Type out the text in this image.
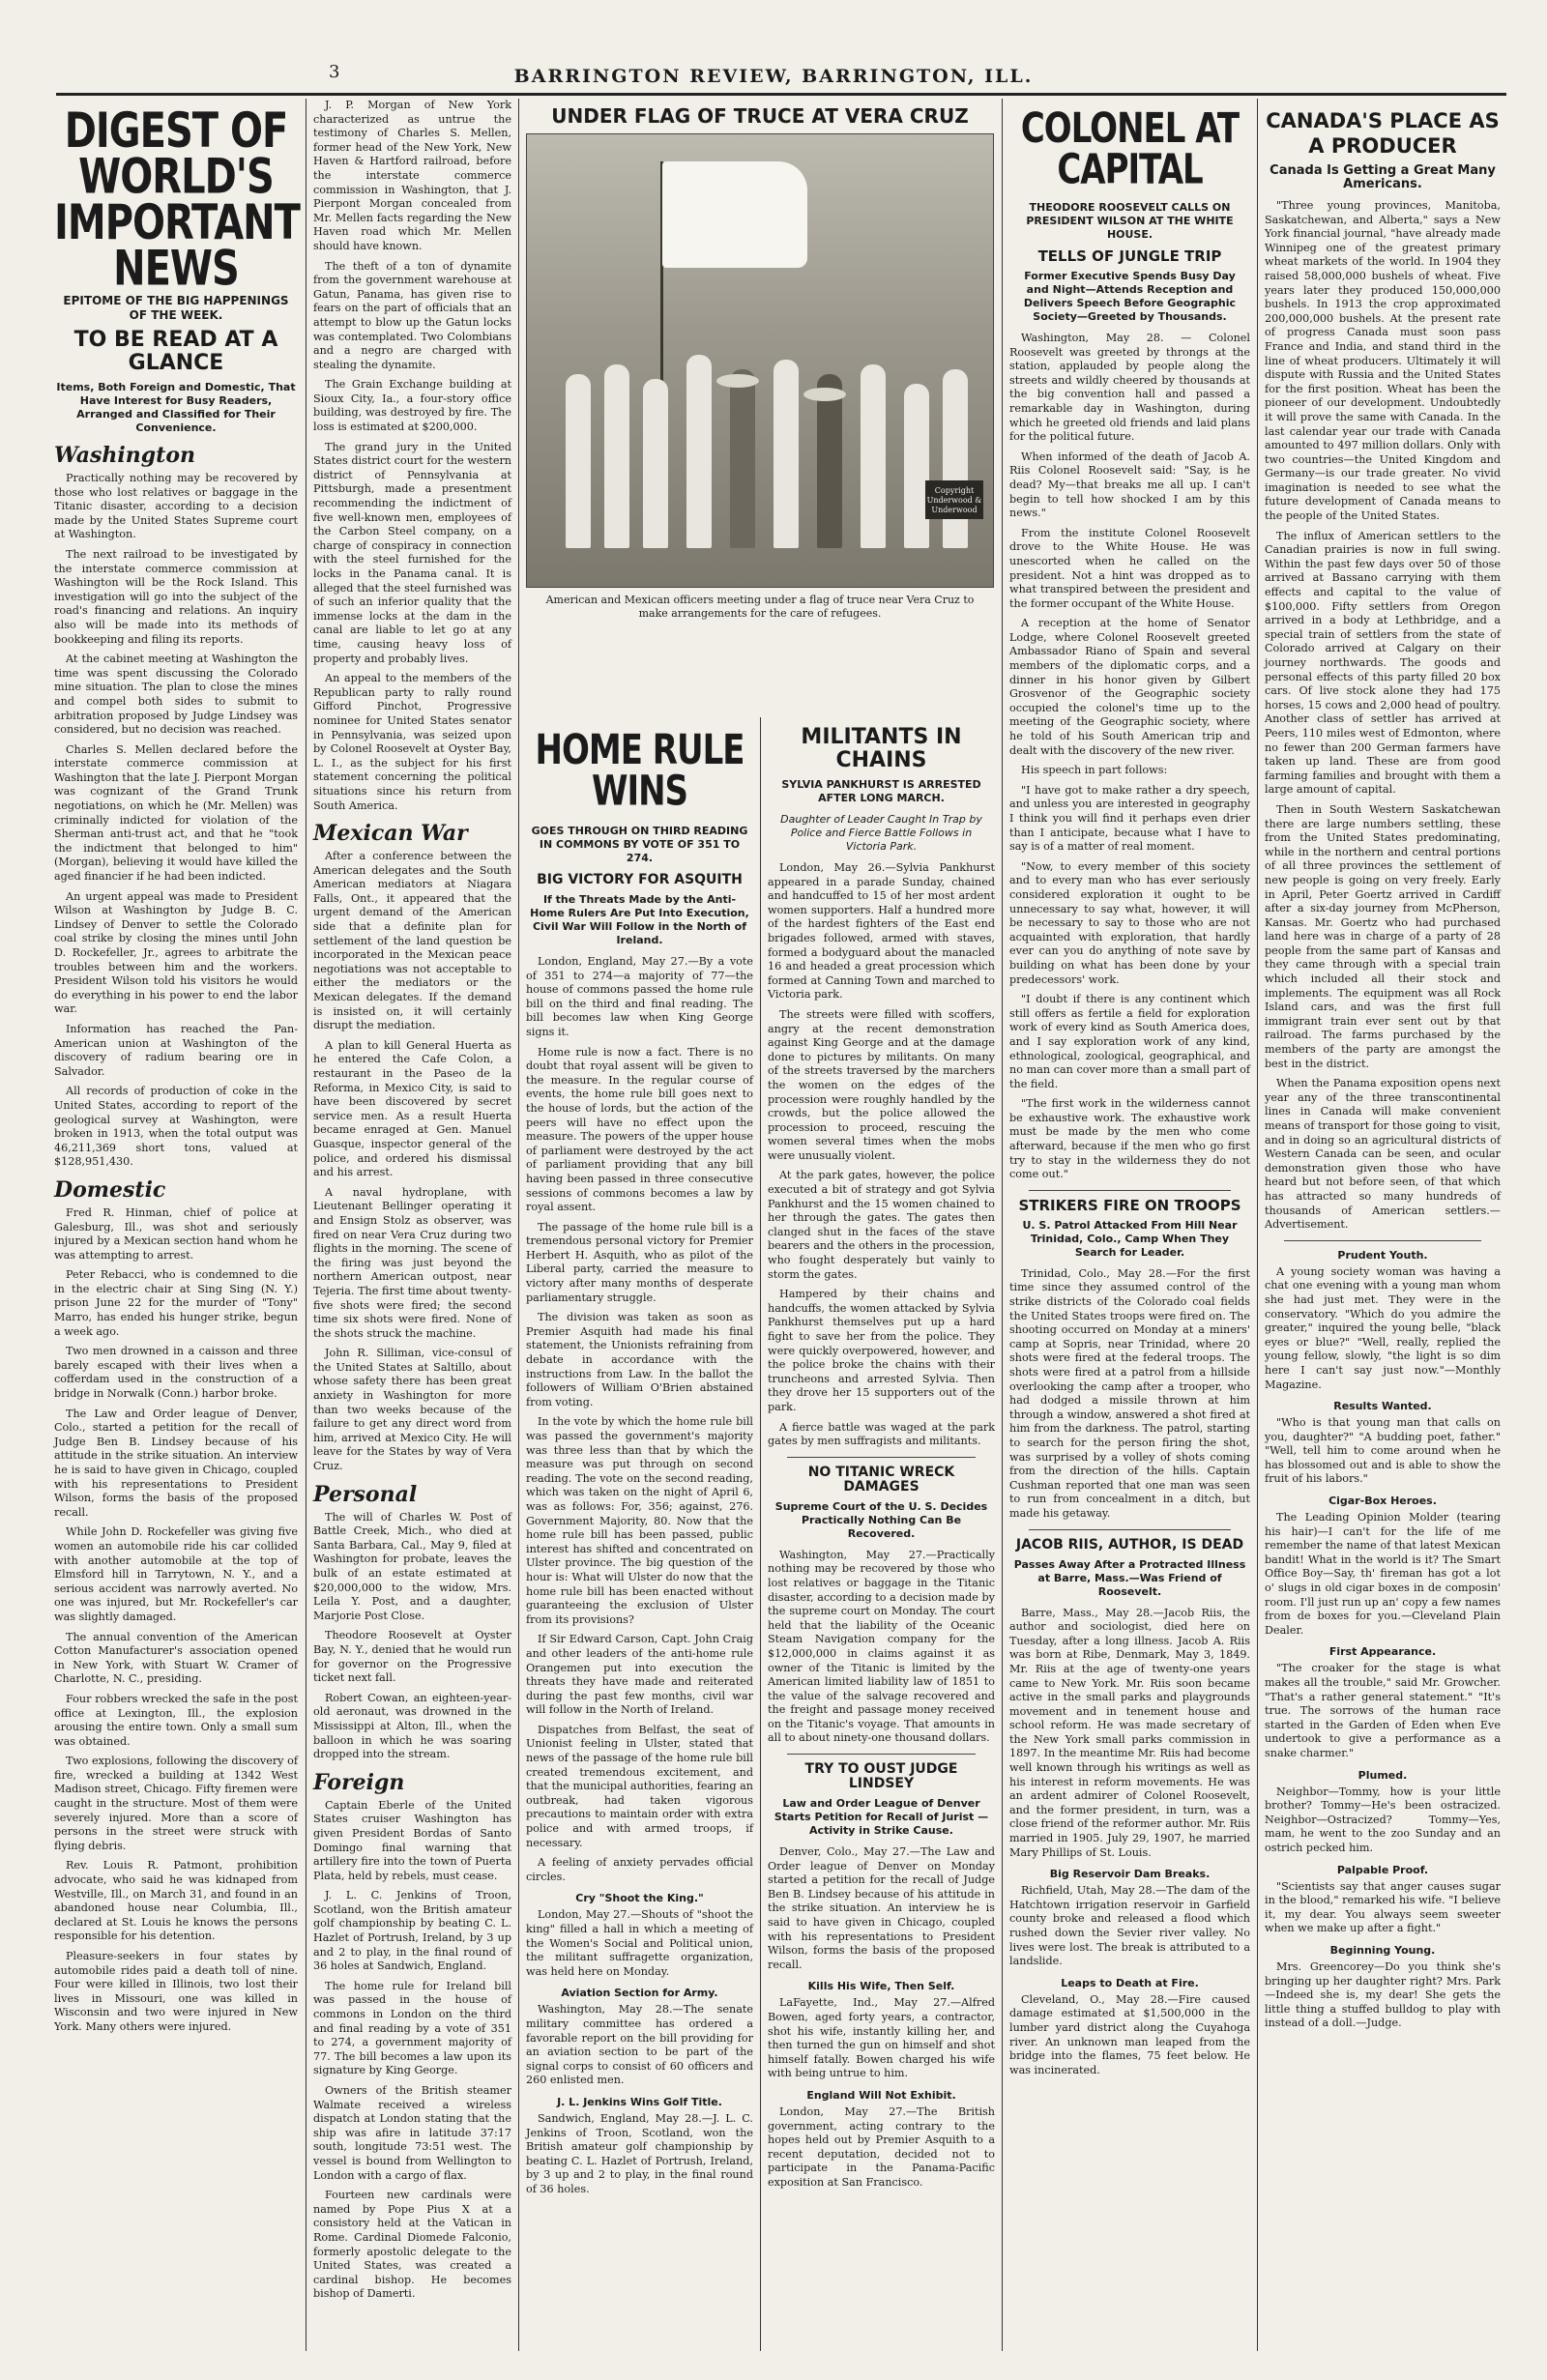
3	BARRINGTON REVIEW, BARRINGTON, ILL.
DIGEST OF WORLD'S IMPORTANT NEWS
EPITOME OF THE BIG HAPPENINGS OF THE WEEK.
TO BE READ AT A GLANCE
Items, Both Foreign and Domestic, That Have Interest for Busy Readers, Arranged and Classified for Their Convenience.
Washington

Practically nothing may be recovered by those who lost relatives or baggage in the Titanic disaster, according to a decision made by the United States Supreme court at Washington.

The next railroad to be investigated by the interstate commerce commission at Washington will be the Rock Island. This investigation will go into the subject of the road's financing and relations. An inquiry also will be made into its methods of bookkeeping and filing its reports.

At the cabinet meeting at Washington the time was spent discussing the Colorado mine situation. The plan to close the mines and compel both sides to submit to arbitration proposed by Judge Lindsey was considered, but no decision was reached.

Charles S. Mellen declared before the interstate commerce commission at Washington that the late J. Pierpont Morgan was cognizant of the Grand Trunk negotiations, on which he (Mr. Mellen) was criminally indicted for violation of the Sherman anti-trust act, and that he "took the indictment that belonged to him" (Morgan), believing it would have killed the aged financier if he had been indicted.

An urgent appeal was made to President Wilson at Washington by Judge B. C. Lindsey of Denver to settle the Colorado coal strike by closing the mines until John D. Rockefeller, Jr., agrees to arbitrate the troubles between him and the workers. President Wilson told his visitors he would do everything in his power to end the labor war.

Information has reached the Pan-American union at Washington of the discovery of radium bearing ore in Salvador.

All records of production of coke in the United States, according to report of the geological survey at Washington, were broken in 1913, when the total output was 46,211,369 short tons, valued at $128,951,430.

Domestic

Fred R. Hinman, chief of police at Galesburg, Ill., was shot and seriously injured by a Mexican section hand whom he was attempting to arrest.

Peter Rebacci, who is condemned to die in the electric chair at Sing Sing (N. Y.) prison June 22 for the murder of "Tony" Marro, has ended his hunger strike, begun a week ago.

Two men drowned in a caisson and three barely escaped with their lives when a cofferdam used in the construction of a bridge in Norwalk (Conn.) harbor broke.

The Law and Order league of Denver, Colo., started a petition for the recall of Judge Ben B. Lindsey because of his attitude in the strike situation. An interview he is said to have given in Chicago, coupled with his representations to President Wilson, forms the basis of the proposed recall.

While John D. Rockefeller was giving five women an automobile ride his car collided with another automobile at the top of Elmsford hill in Tarrytown, N. Y., and a serious accident was narrowly averted. No one was injured, but Mr. Rockefeller's car was slightly damaged.

The annual convention of the American Cotton Manufacturer's association opened in New York, with Stuart W. Cramer of Charlotte, N. C., presiding.

Four robbers wrecked the safe in the post office at Lexington, Ill., the explosion arousing the entire town. Only a small sum was obtained.

Two explosions, following the discovery of fire, wrecked a building at 1342 West Madison street, Chicago. Fifty firemen were caught in the structure. Most of them were severely injured. More than a score of persons in the street were struck with flying debris.

Rev. Louis R. Patmont, prohibition advocate, who said he was kidnaped from Westville, Ill., on March 31, and found in an abandoned house near Columbia, Ill., declared at St. Louis he knows the persons responsible for his detention.

Pleasure-seekers in four states by automobile rides paid a death toll of nine. Four were killed in Illinois, two lost their lives in Missouri, one was killed in Wisconsin and two were injured in New York. Many others were injured.

J. P. Morgan of New York characterized as untrue the testimony of Charles S. Mellen, former head of the New York, New Haven & Hartford railroad, before the interstate commerce commission in Washington, that J. Pierpont Morgan concealed from Mr. Mellen facts regarding the New Haven road which Mr. Mellen should have known.

The theft of a ton of dynamite from the government warehouse at Gatun, Panama, has given rise to fears on the part of officials that an attempt to blow up the Gatun locks was contemplated. Two Colombians and a negro are charged with stealing the dynamite.

The Grain Exchange building at Sioux City, Ia., a four-story office building, was destroyed by fire. The loss is estimated at $200,000.

The grand jury in the United States district court for the western district of Pennsylvania at Pittsburgh, made a presentment recommending the indictment of five well-known men, employees of the Carbon Steel company, on a charge of conspiracy in connection with the steel furnished for the locks in the Panama canal. It is alleged that the steel furnished was of such an inferior quality that the immense locks at the dam in the canal are liable to let go at any time, causing heavy loss of property and probably lives.

An appeal to the members of the Republican party to rally round Gifford Pinchot, Progressive nominee for United States senator in Pennsylvania, was seized upon by Colonel Roosevelt at Oyster Bay, L. I., as the subject for his first statement concerning the political situations since his return from South America.

Mexican War

After a conference between the American delegates and the South American mediators at Niagara Falls, Ont., it appeared that the urgent demand of the American side that a definite plan for settlement of the land question be incorporated in the Mexican peace negotiations was not acceptable to either the mediators or the Mexican delegates. If the demand is insisted on, it will certainly disrupt the mediation.

A plan to kill General Huerta as he entered the Cafe Colon, a restaurant in the Paseo de la Reforma, in Mexico City, is said to have been discovered by secret service men. As a result Huerta became enraged at Gen. Manuel Guasque, inspector general of the police, and ordered his dismissal and his arrest.

A naval hydroplane, with Lieutenant Bellinger operating it and Ensign Stolz as observer, was fired on near Vera Cruz during two flights in the morning. The scene of the firing was just beyond the northern American outpost, near Tejeria. The first time about twenty-five shots were fired; the second time six shots were fired. None of the shots struck the machine.

John R. Silliman, vice-consul of the United States at Saltillo, about whose safety there has been great anxiety in Washington for more than two weeks because of the failure to get any direct word from him, arrived at Mexico City. He will leave for the States by way of Vera Cruz.

Personal

The will of Charles W. Post of Battle Creek, Mich., who died at Santa Barbara, Cal., May 9, filed at Washington for probate, leaves the bulk of an estate estimated at $20,000,000 to the widow, Mrs. Leila Y. Post, and a daughter, Marjorie Post Close.

Theodore Roosevelt at Oyster Bay, N. Y., denied that he would run for governor on the Progressive ticket next fall.

Robert Cowan, an eighteen-year-old aeronaut, was drowned in the Mississippi at Alton, Ill., when the balloon in which he was soaring dropped into the stream.

Foreign

Captain Eberle of the United States cruiser Washington has given President Bordas of Santo Domingo final warning that artillery fire into the town of Puerta Plata, held by rebels, must cease.

J. L. C. Jenkins of Troon, Scotland, won the British amateur golf championship by beating C. L. Hazlet of Portrush, Ireland, by 3 up and 2 to play, in the final round of 36 holes at Sandwich, England.

The home rule for Ireland bill was passed in the house of commons in London on the third and final reading by a vote of 351 to 274, a government majority of 77. The bill becomes a law upon its signature by King George.

Owners of the British steamer Walmate received a wireless dispatch at London stating that the ship was afire in latitude 37:17 south, longitude 73:51 west. The vessel is bound from Wellington to London with a cargo of flax.

Fourteen new cardinals were named by Pope Pius X at a consistory held at the Vatican in Rome. Cardinal Diomede Falconio, formerly apostolic delegate to the United States, was created a cardinal bishop. He becomes bishop of Damerti.

UNDER FLAG OF TRUCE AT VERA CRUZ
Copyright Underwood & Underwood
American and Mexican officers meeting under a flag of truce near Vera Cruz to make arrangements for the care of refugees.
HOME RULE WINS
GOES THROUGH ON THIRD READING IN COMMONS BY VOTE OF 351 TO 274.
BIG VICTORY FOR ASQUITH
If the Threats Made by the Anti-Home Rulers Are Put Into Execution, Civil War Will Follow in the North of Ireland.

London, England, May 27.—By a vote of 351 to 274—a majority of 77—the house of commons passed the home rule bill on the third and final reading. The bill becomes law when King George signs it.

Home rule is now a fact. There is no doubt that royal assent will be given to the measure. In the regular course of events, the home rule bill goes next to the house of lords, but the action of the peers will have no effect upon the measure. The powers of the upper house of parliament were destroyed by the act of parliament providing that any bill having been passed in three consecutive sessions of commons becomes a law by royal assent.

The passage of the home rule bill is a tremendous personal victory for Premier Herbert H. Asquith, who as pilot of the Liberal party, carried the measure to victory after many months of desperate parliamentary struggle.

The division was taken as soon as Premier Asquith had made his final statement, the Unionists refraining from debate in accordance with the instructions from Law. In the ballot the followers of William O'Brien abstained from voting.

In the vote by which the home rule bill was passed the government's majority was three less than that by which the measure was put through on second reading. The vote on the second reading, which was taken on the night of April 6, was as follows: For, 356; against, 276. Government Majority, 80. Now that the home rule bill has been passed, public interest has shifted and concentrated on Ulster province. The big question of the hour is: What will Ulster do now that the home rule bill has been enacted without guaranteeing the exclusion of Ulster from its provisions?

If Sir Edward Carson, Capt. John Craig and other leaders of the anti-home rule Orangemen put into execution the threats they have made and reiterated during the past few months, civil war will follow in the North of Ireland.

Dispatches from Belfast, the seat of Unionist feeling in Ulster, stated that news of the passage of the home rule bill created tremendous excitement, and that the municipal authorities, fearing an outbreak, had taken vigorous precautions to maintain order with extra police and with armed troops, if necessary.

A feeling of anxiety pervades official circles.

Cry "Shoot the King."

London, May 27.—Shouts of "shoot the king" filled a hall in which a meeting of the Women's Social and Political union, the militant suffragette organization, was held here on Monday.

Aviation Section for Army.

Washington, May 28.—The senate military committee has ordered a favorable report on the bill providing for an aviation section to be part of the signal corps to consist of 60 officers and 260 enlisted men.

J. L. Jenkins Wins Golf Title.

Sandwich, England, May 28.—J. L. C. Jenkins of Troon, Scotland, won the British amateur golf championship by beating C. L. Hazlet of Portrush, Ireland, by 3 up and 2 to play, in the final round of 36 holes.

MILITANTS IN CHAINS
SYLVIA PANKHURST IS ARRESTED AFTER LONG MARCH.
Daughter of Leader Caught In Trap by Police and Fierce Battle Follows in Victoria Park.

London, May 26.—Sylvia Pankhurst appeared in a parade Sunday, chained and handcuffed to 15 of her most ardent women supporters. Half a hundred more of the hardest fighters of the East end brigades followed, armed with staves, formed a bodyguard about the manacled 16 and headed a great procession which formed at Canning Town and marched to Victoria park.

The streets were filled with scoffers, angry at the recent demonstration against King George and at the damage done to pictures by militants. On many of the streets traversed by the marchers the women on the edges of the procession were roughly handled by the crowds, but the police allowed the procession to proceed, rescuing the women several times when the mobs were unusually violent.

At the park gates, however, the police executed a bit of strategy and got Sylvia Pankhurst and the 15 women chained to her through the gates. The gates then clanged shut in the faces of the stave bearers and the others in the procession, who fought desperately but vainly to storm the gates.

Hampered by their chains and handcuffs, the women attacked by Sylvia Pankhurst themselves put up a hard fight to save her from the police. They were quickly overpowered, however, and the police broke the chains with their truncheons and arrested Sylvia. Then they drove her 15 supporters out of the park.

A fierce battle was waged at the park gates by men suffragists and militants.

NO TITANIC WRECK DAMAGES
Supreme Court of the U. S. Decides Practically Nothing Can Be Recovered.

Washington, May 27.—Practically nothing may be recovered by those who lost relatives or baggage in the Titanic disaster, according to a decision made by the supreme court on Monday. The court held that the liability of the Oceanic Steam Navigation company for the $12,000,000 in claims against it as owner of the Titanic is limited by the American limited liability law of 1851 to the value of the salvage recovered and the freight and passage money received on the Titanic's voyage. That amounts in all to about ninety-one thousand dollars.

TRY TO OUST JUDGE LINDSEY
Law and Order League of Denver Starts Petition for Recall of Jurist —Activity in Strike Cause.

Denver, Colo., May 27.—The Law and Order league of Denver on Monday started a petition for the recall of Judge Ben B. Lindsey because of his attitude in the strike situation. An interview he is said to have given in Chicago, coupled with his representations to President Wilson, forms the basis of the proposed recall.

Kills His Wife, Then Self.

LaFayette, Ind., May 27.—Alfred Bowen, aged forty years, a contractor, shot his wife, instantly killing her, and then turned the gun on himself and shot himself fatally. Bowen charged his wife with being untrue to him.

England Will Not Exhibit.

London, May 27.—The British government, acting contrary to the hopes held out by Premier Asquith to a recent deputation, decided not to participate in the Panama-Pacific exposition at San Francisco.

COLONEL AT CAPITAL
THEODORE ROOSEVELT CALLS ON PRESIDENT WILSON AT THE WHITE HOUSE.
TELLS OF JUNGLE TRIP
Former Executive Spends Busy Day and Night—Attends Reception and Delivers Speech Before Geographic Society—Greeted by Thousands.

Washington, May 28. — Colonel Roosevelt was greeted by throngs at the station, applauded by people along the streets and wildly cheered by thousands at the big convention hall and passed a remarkable day in Washington, during which he greeted old friends and laid plans for the political future.

When informed of the death of Jacob A. Riis Colonel Roosevelt said: "Say, is he dead? My—that breaks me all up. I can't begin to tell how shocked I am by this news."

From the institute Colonel Roosevelt drove to the White House. He was unescorted when he called on the president. Not a hint was dropped as to what transpired between the president and the former occupant of the White House.

A reception at the home of Senator Lodge, where Colonel Roosevelt greeted Ambassador Riano of Spain and several members of the diplomatic corps, and a dinner in his honor given by Gilbert Grosvenor of the Geographic society occupied the colonel's time up to the meeting of the Geographic society, where he told of his South American trip and dealt with the discovery of the new river.

His speech in part follows:

"I have got to make rather a dry speech, and unless you are interested in geography I think you will find it perhaps even drier than I anticipate, because what I have to say is of a matter of real moment.

"Now, to every member of this society and to every man who has ever seriously considered exploration it ought to be unnecessary to say what, however, it will be necessary to say to those who are not acquainted with exploration, that hardly ever can you do anything of note save by building on what has been done by your predecessors' work.

"I doubt if there is any continent which still offers as fertile a field for exploration work of every kind as South America does, and I say exploration work of any kind, ethnological, zoological, geographical, and no man can cover more than a small part of the field.

"The first work in the wilderness cannot be exhaustive work. The exhaustive work must be made by the men who come afterward, because if the men who go first try to stay in the wilderness they do not come out."

STRIKERS FIRE ON TROOPS
U. S. Patrol Attacked From Hill Near Trinidad, Colo., Camp When They Search for Leader.

Trinidad, Colo., May 28.—For the first time since they assumed control of the strike districts of the Colorado coal fields the United States troops were fired on. The shooting occurred on Monday at a miners' camp at Sopris, near Trinidad, where 20 shots were fired at the federal troops. The shots were fired at a patrol from a hillside overlooking the camp after a trooper, who had dodged a missile thrown at him through a window, answered a shot fired at him from the darkness. The patrol, starting to search for the person firing the shot, was surprised by a volley of shots coming from the direction of the hills. Captain Cushman reported that one man was seen to run from concealment in a ditch, but made his getaway.

JACOB RIIS, AUTHOR, IS DEAD
Passes Away After a Protracted Illness at Barre, Mass.—Was Friend of Roosevelt.

Barre, Mass., May 28.—Jacob Riis, the author and sociologist, died here on Tuesday, after a long illness. Jacob A. Riis was born at Ribe, Denmark, May 3, 1849. Mr. Riis at the age of twenty-one years came to New York. Mr. Riis soon became active in the small parks and playgrounds movement and in tenement house and school reform. He was made secretary of the New York small parks commission in 1897. In the meantime Mr. Riis had become well known through his writings as well as his interest in reform movements. He was an ardent admirer of Colonel Roosevelt, and the former president, in turn, was a close friend of the reformer author. Mr. Riis married in 1905. July 29, 1907, he married Mary Phillips of St. Louis.

Big Reservoir Dam Breaks.

Richfield, Utah, May 28.—The dam of the Hatchtown irrigation reservoir in Garfield county broke and released a flood which rushed down the Sevier river valley. No lives were lost. The break is attributed to a landslide.

Leaps to Death at Fire.

Cleveland, O., May 28.—Fire caused damage estimated at $1,500,000 in the lumber yard district along the Cuyahoga river. An unknown man leaped from the bridge into the flames, 75 feet below. He was incinerated.

CANADA'S PLACE AS A PRODUCER
Canada Is Getting a Great Many Americans.

"Three young provinces, Manitoba, Saskatchewan, and Alberta," says a New York financial journal, "have already made Winnipeg one of the greatest primary wheat markets of the world. In 1904 they raised 58,000,000 bushels of wheat. Five years later they produced 150,000,000 bushels. In 1913 the crop approximated 200,000,000 bushels. At the present rate of progress Canada must soon pass France and India, and stand third in the line of wheat producers. Ultimately it will dispute with Russia and the United States for the first position. Wheat has been the pioneer of our development. Undoubtedly it will prove the same with Canada. In the last calendar year our trade with Canada amounted to 497 million dollars. Only with two countries—the United Kingdom and Germany—is our trade greater. No vivid imagination is needed to see what the future development of Canada means to the people of the United States.

The influx of American settlers to the Canadian prairies is now in full swing. Within the past few days over 50 of those arrived at Bassano carrying with them effects and capital to the value of $100,000. Fifty settlers from Oregon arrived in a body at Lethbridge, and a special train of settlers from the state of Colorado arrived at Calgary on their journey northwards. The goods and personal effects of this party filled 20 box cars. Of live stock alone they had 175 horses, 15 cows and 2,000 head of poultry. Another class of settler has arrived at Peers, 110 miles west of Edmonton, where no fewer than 200 German farmers have taken up land. These are from good farming families and brought with them a large amount of capital.

Then in South Western Saskatchewan there are large numbers settling, these from the United States predominating, while in the northern and central portions of all three provinces the settlement of new people is going on very freely. Early in April, Peter Goertz arrived in Cardiff after a six-day journey from McPherson, Kansas. Mr. Goertz who had purchased land here was in charge of a party of 28 people from the same part of Kansas and they came through with a special train which included all their stock and implements. The equipment was all Rock Island cars, and was the first full immigrant train ever sent out by that railroad. The farms purchased by the members of the party are amongst the best in the district.

When the Panama exposition opens next year any of the three transcontinental lines in Canada will make convenient means of transport for those going to visit, and in doing so an agricultural districts of Western Canada can be seen, and ocular demonstration given those who have heard but not before seen, of that which has attracted so many hundreds of thousands of American settlers.—Advertisement.

Prudent Youth.

A young society woman was having a chat one evening with a young man whom she had just met. They were in the conservatory. "Which do you admire the greater," inquired the young belle, "black eyes or blue?" "Well, really, replied the young fellow, slowly, "the light is so dim here I can't say just now."—Monthly Magazine.

Results Wanted.

"Who is that young man that calls on you, daughter?" "A budding poet, father." "Well, tell him to come around when he has blossomed out and is able to show the fruit of his labors."

Cigar-Box Heroes.

The Leading Opinion Molder (tearing his hair)—I can't for the life of me remember the name of that latest Mexican bandit! What in the world is it? The Smart Office Boy—Say, th' fireman has got a lot o' slugs in old cigar boxes in de composin' room. I'll just run up an' copy a few names from de boxes for you.—Cleveland Plain Dealer.

First Appearance.

"The croaker for the stage is what makes all the trouble," said Mr. Growcher. "That's a rather general statement." "It's true. The sorrows of the human race started in the Garden of Eden when Eve undertook to give a performance as a snake charmer."

Plumed.

Neighbor—Tommy, how is your little brother? Tommy—He's been ostracized. Neighbor—Ostracized? Tommy—Yes, mam, he went to the zoo Sunday and an ostrich pecked him.

Palpable Proof.

"Scientists say that anger causes sugar in the blood," remarked his wife. "I believe it, my dear. You always seem sweeter when we make up after a fight."

Beginning Young.

Mrs. Greencorey—Do you think she's bringing up her daughter right? Mrs. Park—Indeed she is, my dear! She gets the little thing a stuffed bulldog to play with instead of a doll.—Judge.
